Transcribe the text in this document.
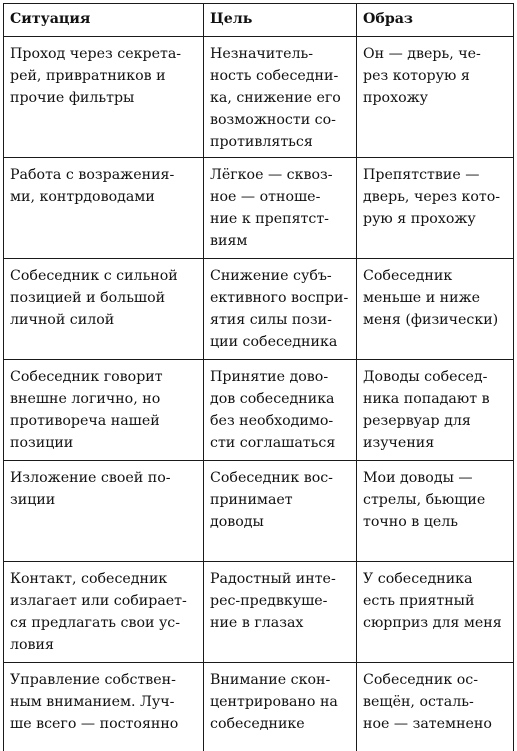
Ситуация	Цель	Образ

Проход через секрета-
рей, привратников и
прочие фильтры	Незначитель-
ность собеседни-
ка, снижение его
возможности со-
противляться	Он — дверь, че-
рез которую я
прохожу

Работа с возражения-
ми, контрдоводами	Лёгкое — сквоз-
ное — отноше-
ние к препятст-
виям	Препятствие —
дверь, через кото-
рую я прохожу

Собеседник с сильной
позицией и большой
личной силой	Снижение субъ-
ективного воспри-
ятия силы пози-
ции собеседника	Собеседник
меньше и ниже
меня (физически)

Собеседник говорит
внешне логично, но
противоречa нашей
позиции	Принятие дово-
дов собеседника
без необходимо-
сти соглашаться	Доводы собесед-
ника попадают в
резервуар для
изучения

Изложение своей по-
зиции	Собеседник вос-
принимает доводы	Мои доводы —
стрелы, бьющие
точно в цель

Контакт, собеседник
излагает или собирает-
ся предлагать свои ус-
ловия	Радостный инте-
рес-предвкуше-
ние в глазах	У собеседника
есть приятный
сюрприз для меня

Управление собствен-
ным вниманием. Луч-
ше всего — постоянно	Внимание скон-
центрировано на
собеседнике	Собеседник ос-
вещён, осталь-
ное — затемнено
